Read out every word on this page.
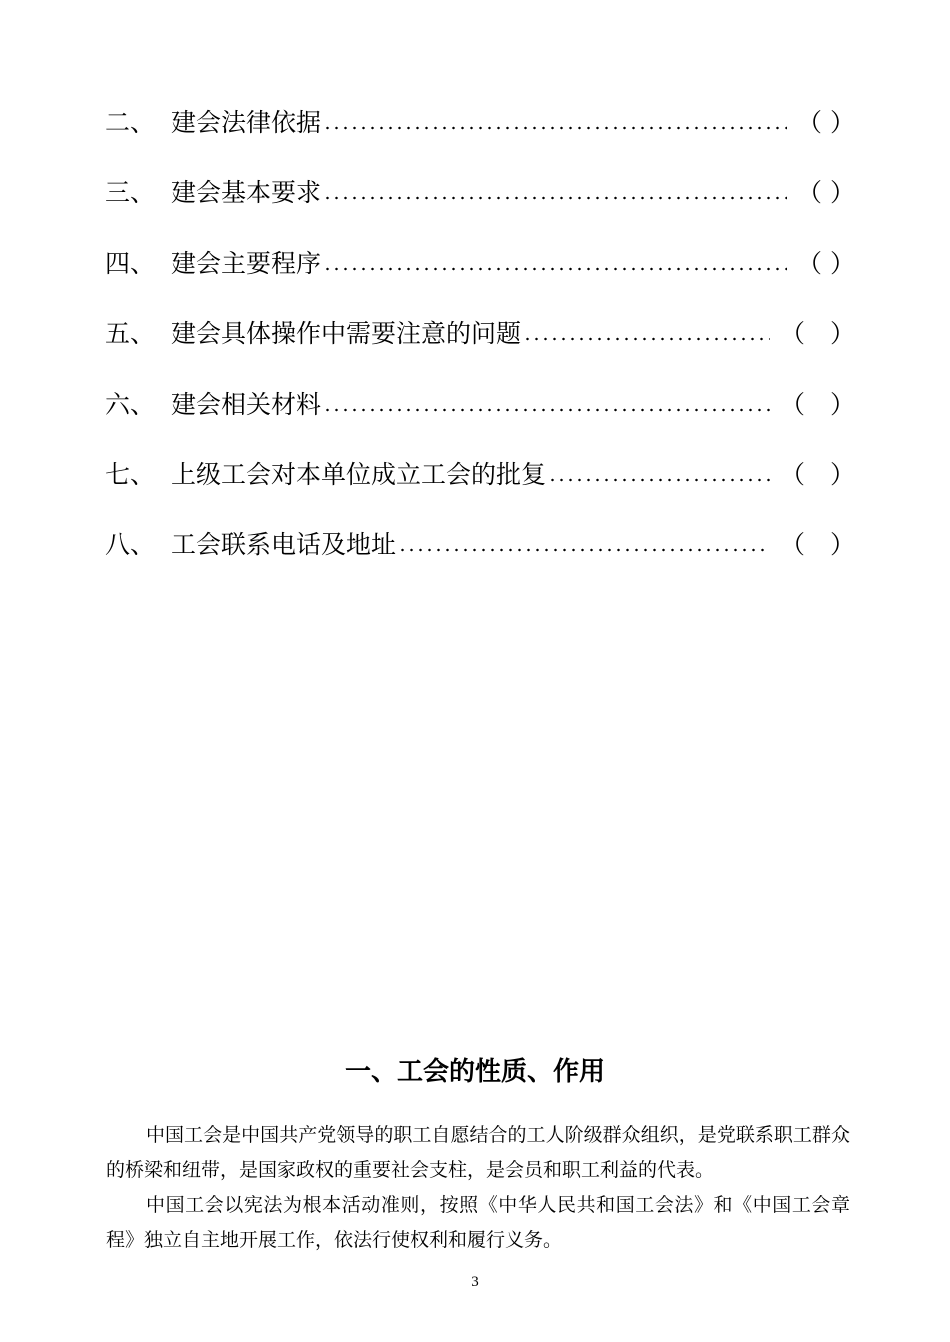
二、 建会法律依据	（ ）
三、 建会基本要求	（ ）
四、 建会主要程序	（ ）
五、 建会具体操作中需要注意的问题	（　）
六、 建会相关材料	（　）
七、 上级工会对本单位成立工会的批复	（　）
八、 工会联系电话及地址	（　）
一、工会的性质、作用

中国工会是中国共产党领导的职工自愿结合的工人阶级群众组织，是党联系职工群众的桥梁和纽带，是国家政权的重要社会支柱，是会员和职工利益的代表。

中国工会以宪法为根本活动准则，按照《中华人民共和国工会法》和《中国工会章程》独立自主地开展工作，依法行使权利和履行义务。

3
